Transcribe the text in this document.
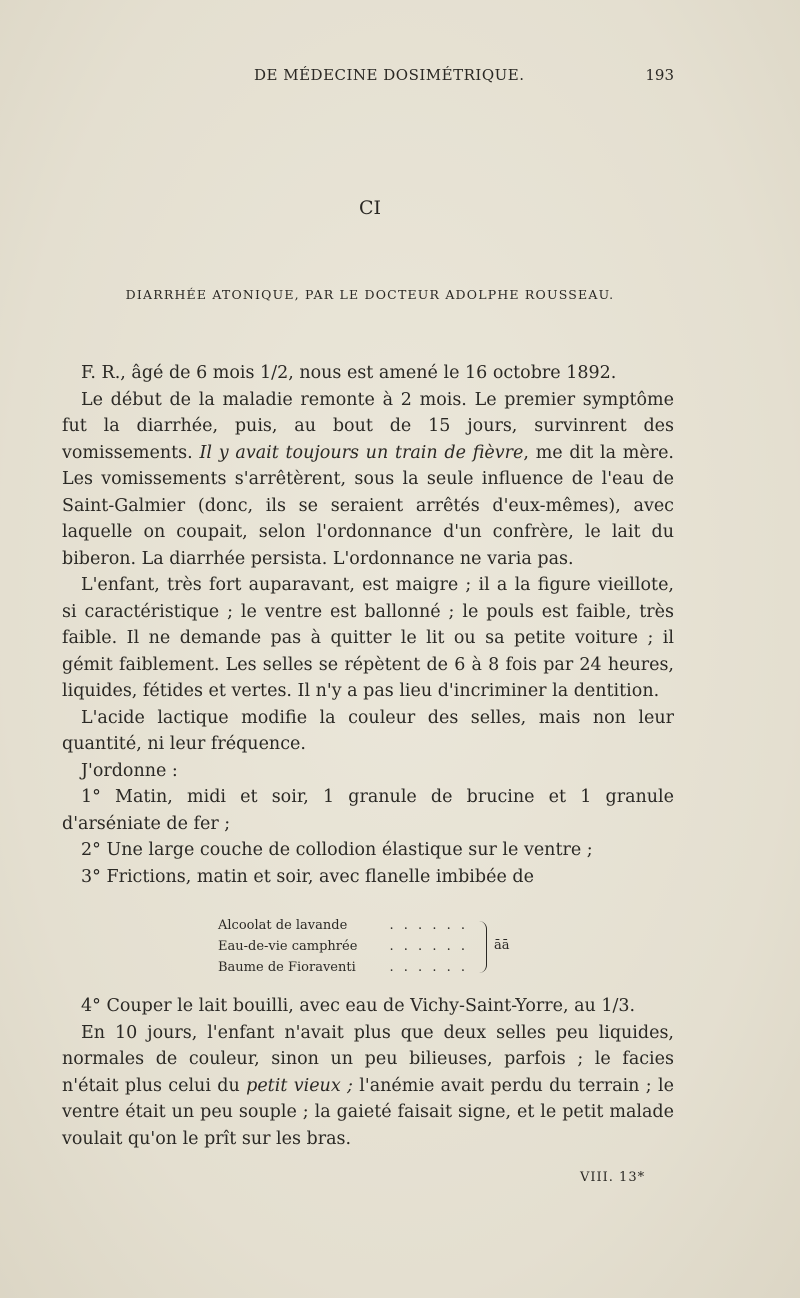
DE MÉDECINE DOSIMÉTRIQUE.	193
CI
DIARRHÉE ATONIQUE, PAR LE DOCTEUR ADOLPHE ROUSSEAU.

F. R., âgé de 6 mois 1/2, nous est amené le 16 octobre 1892.

Le début de la maladie remonte à 2 mois. Le premier symptôme fut la diarrhée, puis, au bout de 15 jours, survinrent des vomissements. Il y avait toujours un train de fièvre, me dit la mère. Les vomissements s'arrêtèrent, sous la seule influence de l'eau de Saint-Galmier (donc, ils se seraient arrêtés d'eux-mêmes), avec laquelle on coupait, selon l'ordonnance d'un confrère, le lait du biberon. La diarrhée persista. L'ordonnance ne varia pas.

L'enfant, très fort auparavant, est maigre ; il a la figure vieillote, si caractéristique ; le ventre est ballonné ; le pouls est faible, très faible. Il ne demande pas à quitter le lit ou sa petite voiture ; il gémit faiblement. Les selles se répètent de 6 à 8 fois par 24 heures, liquides, fétides et vertes. Il n'y a pas lieu d'incriminer la dentition.

L'acide lactique modifie la couleur des selles, mais non leur quantité, ni leur fréquence.

J'ordonne :

1° Matin, midi et soir, 1 granule de brucine et 1 granule d'arséniate de fer ;

2° Une large couche de collodion élastique sur le ventre ;

3° Frictions, matin et soir, avec flanelle imbibée de

Alcoolat de lavande	. . . . . .
Eau-de-vie camphrée	. . . . . .
Baume de Fioraventi	. . . . . .
āā

4° Couper le lait bouilli, avec eau de Vichy-Saint-Yorre, au 1/3.

En 10 jours, l'enfant n'avait plus que deux selles peu liquides, normales de couleur, sinon un peu bilieuses, parfois ; le facies n'était plus celui du petit vieux ; l'anémie avait perdu du terrain ; le ventre était un peu souple ; la gaieté faisait signe, et le petit malade voulait qu'on le prît sur les bras.

VIII. 13*
